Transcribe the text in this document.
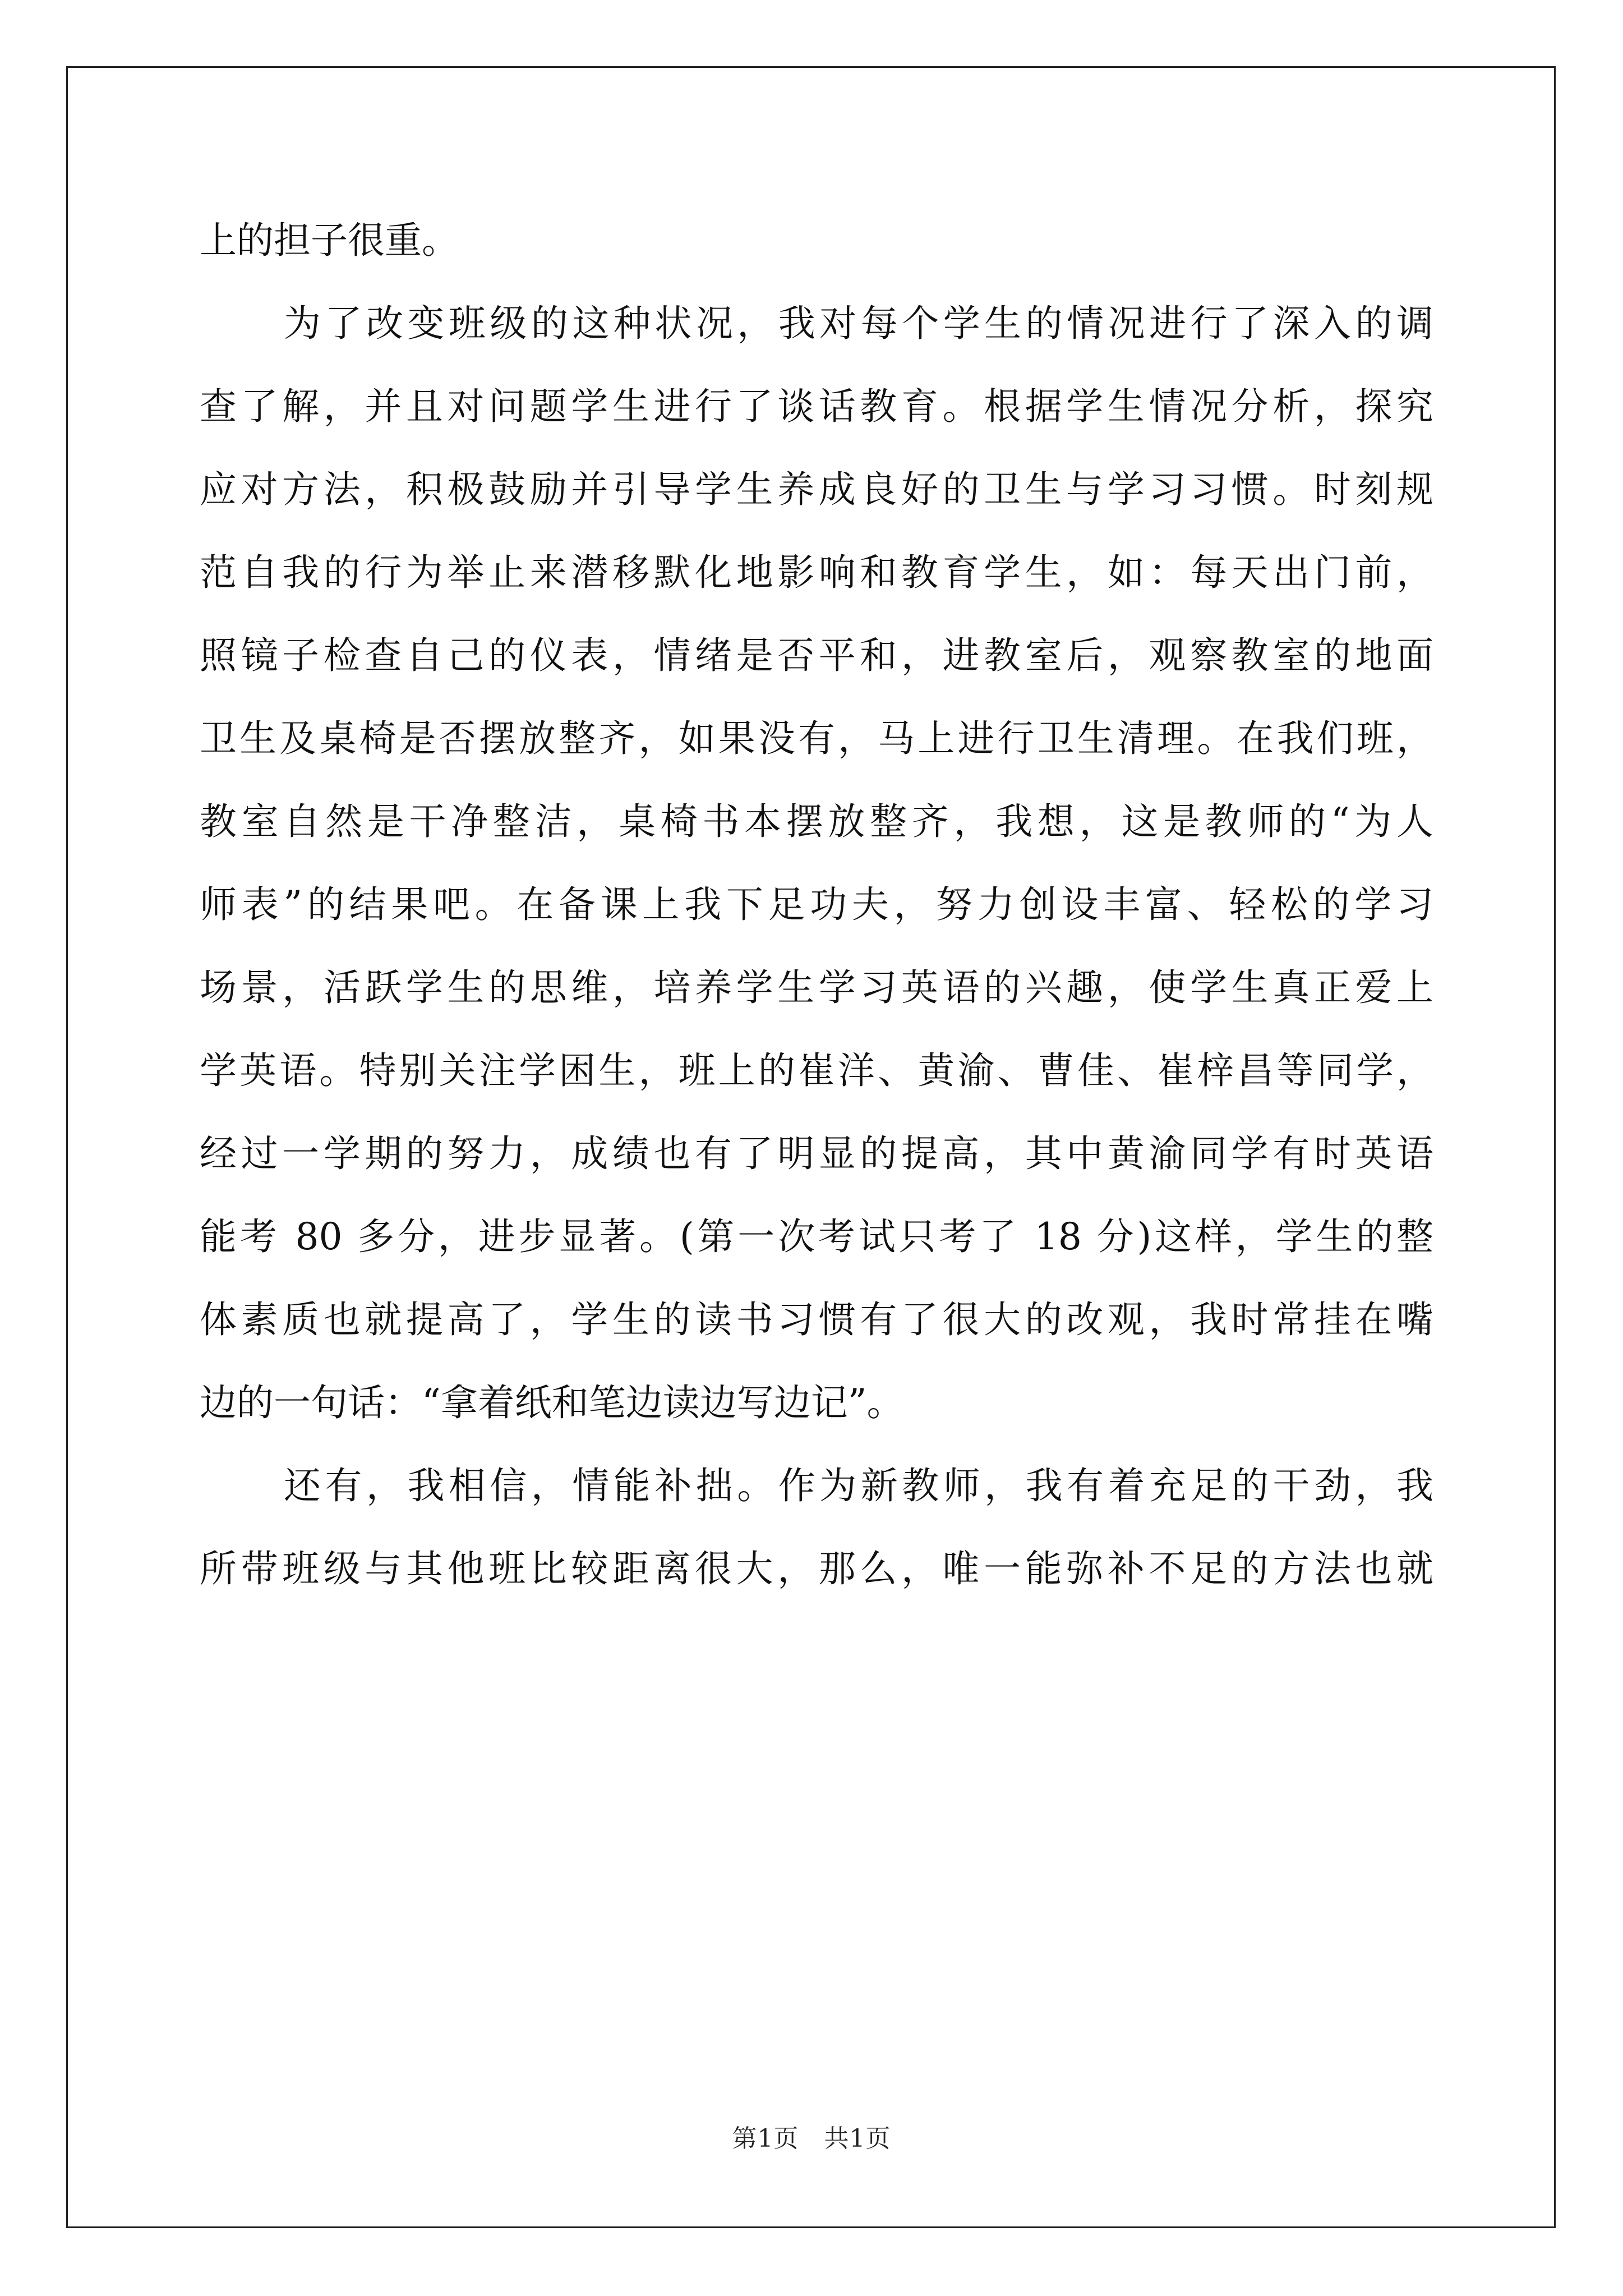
上的担子很重。
为了改变班级的这种状况，我对每个学生的情况进行了深入的调
查了解，并且对问题学生进行了谈话教育。根据学生情况分析，探究
应对方法，积极鼓励并引导学生养成良好的卫生与学习习惯。时刻规
范自我的行为举止来潜移默化地影响和教育学生，如：每天出门前，
照镜子检查自己的仪表，情绪是否平和，进教室后，观察教室的地面
卫生及桌椅是否摆放整齐，如果没有，马上进行卫生清理。在我们班，
教室自然是干净整洁，桌椅书本摆放整齐，我想，这是教师的“为人
师表”的结果吧。在备课上我下足功夫，努力创设丰富、轻松的学习
场景，活跃学生的思维，培养学生学习英语的兴趣，使学生真正爱上
学英语。特别关注学困生，班上的崔洋、黄渝、曹佳、崔梓昌等同学，
经过一学期的努力，成绩也有了明显的提高，其中黄渝同学有时英语
能考 80 多分，进步显著。(第一次考试只考了 18 分)这样，学生的整
体素质也就提高了，学生的读书习惯有了很大的改观，我时常挂在嘴
边的一句话：“拿着纸和笔边读边写边记”。
还有，我相信，情能补拙。作为新教师，我有着充足的干劲，我
所带班级与其他班比较距离很大，那么，唯一能弥补不足的方法也就
第1页　共1页
